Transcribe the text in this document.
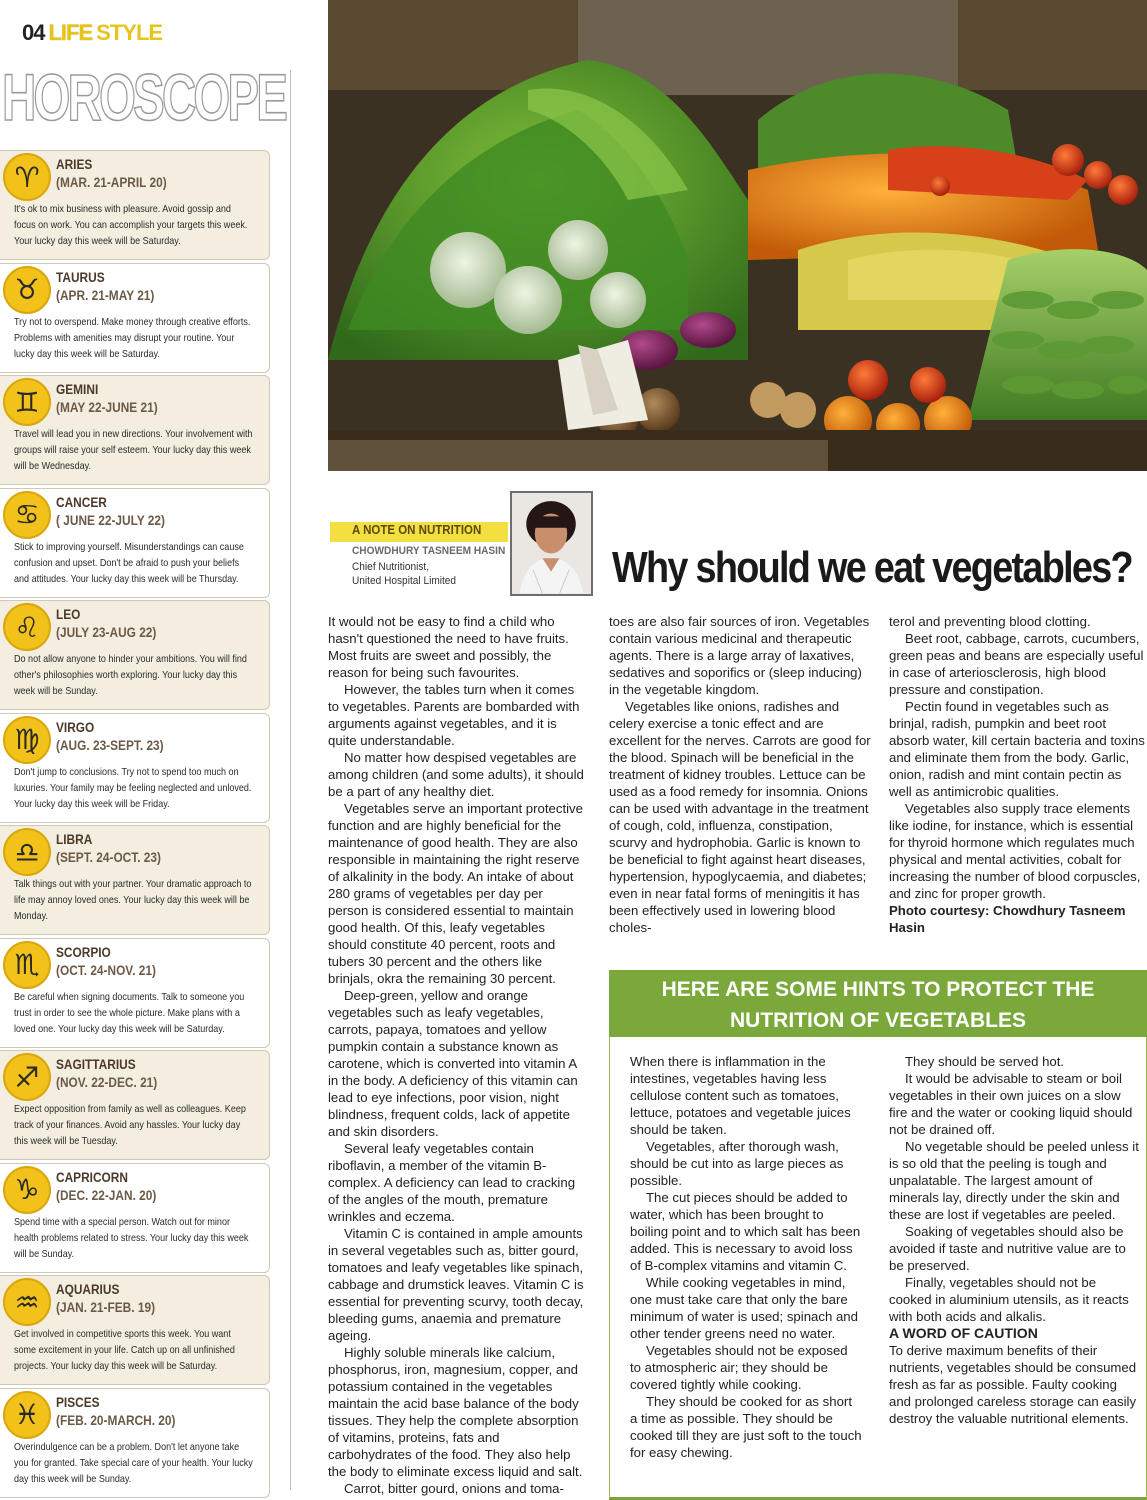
04 LIFE STYLE
HOROSCOPE
♈	ARIES
(MAR. 21-APRIL 20)
It's ok to mix business with pleasure. Avoid gossip and focus on work. You can accomplish your targets this week. Your lucky day this week will be Saturday.
♉	TAURUS
(APR. 21-MAY 21)
Try not to overspend. Make money through creative efforts. Problems with amenities may disrupt your routine. Your lucky day this week will be Saturday.
♊	GEMINI
(MAY 22-JUNE 21)
Travel will lead you in new directions. Your involvement with groups will raise your self esteem. Your lucky day this week will be Wednesday.
♋	CANCER
( JUNE 22-JULY 22)
Stick to improving yourself. Misunderstandings can cause confusion and upset. Don't be afraid to push your beliefs and attitudes. Your lucky day this week will be Thursday.
♌	LEO
(JULY 23-AUG 22)
Do not allow anyone to hinder your ambitions. You will find other's philosophies worth exploring. Your lucky day this week will be Sunday.
♍	VIRGO
(AUG. 23-SEPT. 23)
Don't jump to conclusions. Try not to spend too much on luxuries. Your family may be feeling neglected and unloved. Your lucky day this week will be Friday.
♎	LIBRA
(SEPT. 24-OCT. 23)
Talk things out with your partner. Your dramatic approach to life may annoy loved ones. Your lucky day this week will be Monday.
♏	SCORPIO
(OCT. 24-NOV. 21)
Be careful when signing documents. Talk to someone you trust in order to see the whole picture. Make plans with a loved one. Your lucky day this week will be Saturday.
♐	SAGITTARIUS
(NOV. 22-DEC. 21)
Expect opposition from family as well as colleagues. Keep track of your finances. Avoid any hassles. Your lucky day this week will be Tuesday.
♑	CAPRICORN
(DEC. 22-JAN. 20)
Spend time with a special person. Watch out for minor health problems related to stress. Your lucky day this week will be Sunday.
♒	AQUARIUS
(JAN. 21-FEB. 19)
Get involved in competitive sports this week. You want some excitement in your life. Catch up on all unfinished projects. Your lucky day this week will be Saturday.
♓	PISCES
(FEB. 20-MARCH. 20)
Overindulgence can be a problem. Don't let anyone take you for granted. Take special care of your health. Your lucky day this week will be Sunday.
A NOTE ON NUTRITION
CHOWDHURY TASNEEM HASIN
Chief Nutritionist,
United Hospital Limited	Why should we eat vegetables?

It would not be easy to find a child who hasn't questioned the need to have fruits. Most fruits are sweet and possibly, the reason for being such favourites.

However, the tables turn when it comes to vegetables. Parents are bombarded with arguments against vegetables, and it is quite understandable.

No matter how despised vegetables are among children (and some adults), it should be a part of any healthy diet.

Vegetables serve an important protective function and are highly beneficial for the maintenance of good health. They are also responsible in maintaining the right reserve of alkalinity in the body. An intake of about 280 grams of vegetables per day per person is considered essential to maintain good health. Of this, leafy vegetables should constitute 40 percent, roots and tubers 30 percent and the others like brinjals, okra the remaining 30 percent.

Deep-green, yellow and orange vegetables such as leafy vegetables, carrots, papaya, tomatoes and yellow pumpkin contain a substance known as carotene, which is converted into vitamin A in the body. A deficiency of this vitamin can lead to eye infections, poor vision, night blindness, frequent colds, lack of appetite and skin disorders.

Several leafy vegetables contain riboflavin, a member of the vitamin B-complex. A deficiency can lead to cracking of the angles of the mouth, premature wrinkles and eczema.

Vitamin C is contained in ample amounts in several vegetables such as, bitter gourd, tomatoes and leafy vegetables like spinach, cabbage and drumstick leaves. Vitamin C is essential for preventing scurvy, tooth decay, bleeding gums, anaemia and premature ageing.

Highly soluble minerals like calcium, phosphorus, iron, magnesium, copper, and potassium contained in the vegetables maintain the acid base balance of the body tissues. They help the complete absorption of vitamins, proteins, fats and carbohydrates of the food. They also help the body to eliminate excess liquid and salt.

Carrot, bitter gourd, onions and toma-

toes are also fair sources of iron. Vegetables contain various medicinal and therapeutic agents. There is a large array of laxatives, sedatives and soporifics or (sleep inducing) in the vegetable kingdom.

Vegetables like onions, radishes and celery exercise a tonic effect and are excellent for the nerves. Carrots are good for the blood. Spinach will be beneficial in the treatment of kidney troubles. Lettuce can be used as a food remedy for insomnia. Onions can be used with advantage in the treatment of cough, cold, influenza, constipation, scurvy and hydrophobia. Garlic is known to be beneficial to fight against heart diseases, hypertension, hypoglycaemia, and diabetes; even in near fatal forms of meningitis it has been effectively used in lowering blood choles-

terol and preventing blood clotting.

Beet root, cabbage, carrots, cucumbers, green peas and beans are especially useful in case of arteriosclerosis, high blood pressure and constipation.

Pectin found in vegetables such as brinjal, radish, pumpkin and beet root absorb water, kill certain bacteria and toxins and eliminate them from the body. Garlic, onion, radish and mint contain pectin as well as antimicrobic qualities.

Vegetables also supply trace elements like iodine, for instance, which is essential for thyroid hormone which regulates much physical and mental activities, cobalt for increasing the number of blood corpuscles, and zinc for proper growth.

Photo courtesy: Chowdhury Tasneem Hasin

HERE ARE SOME HINTS TO PROTECT THE NUTRITION OF VEGETABLES

When there is inflammation in the intestines, vegetables having less cellulose content such as tomatoes, lettuce, potatoes and vegetable juices should be taken.

Vegetables, after thorough wash, should be cut into as large pieces as possible.

The cut pieces should be added to water, which has been brought to boiling point and to which salt has been added. This is necessary to avoid loss of B-complex vitamins and vitamin C.

While cooking vegetables in mind, one must take care that only the bare minimum of water is used; spinach and other tender greens need no water.

Vegetables should not be exposed to atmospheric air; they should be covered tightly while cooking.

They should be cooked for as short a time as possible. They should be cooked till they are just soft to the touch for easy chewing.

They should be served hot.

It would be advisable to steam or boil vegetables in their own juices on a slow fire and the water or cooking liquid should not be drained off.

No vegetable should be peeled unless it is so old that the peeling is tough and unpalatable. The largest amount of minerals lay, directly under the skin and these are lost if vegetables are peeled.

Soaking of vegetables should also be avoided if taste and nutritive value are to be preserved.

Finally, vegetables should not be cooked in aluminium utensils, as it reacts with both acids and alkalis.

A WORD OF CAUTION

To derive maximum benefits of their nutrients, vegetables should be consumed fresh as far as possible. Faulty cooking and prolonged careless storage can easily destroy the valuable nutritional elements.
